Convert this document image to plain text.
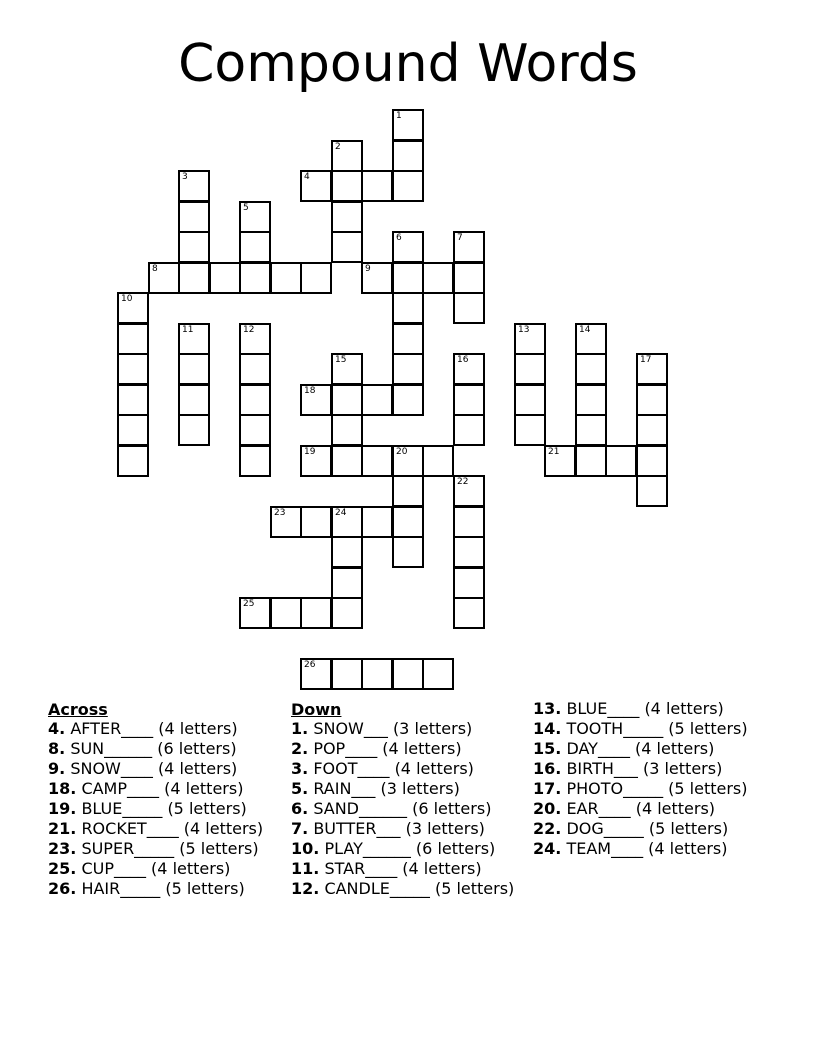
Compound Words
1
2
3	4
5
6	7
8	9
10
11	12	13	14
15	16	17
18
19	20	21
22
23	24
25
26
Across
4. AFTER____ (4 letters)
8. SUN______ (6 letters)
9. SNOW____ (4 letters)
18. CAMP____ (4 letters)
19. BLUE_____ (5 letters)
21. ROCKET____ (4 letters)
23. SUPER_____ (5 letters)
25. CUP____ (4 letters)
26. HAIR_____ (5 letters)
Down
1. SNOW___ (3 letters)
2. POP____ (4 letters)
3. FOOT____ (4 letters)
5. RAIN___ (3 letters)
6. SAND______ (6 letters)
7. BUTTER___ (3 letters)
10. PLAY______ (6 letters)
11. STAR____ (4 letters)
12. CANDLE_____ (5 letters)
13. BLUE____ (4 letters)
14. TOOTH_____ (5 letters)
15. DAY____ (4 letters)
16. BIRTH___ (3 letters)
17. PHOTO_____ (5 letters)
20. EAR____ (4 letters)
22. DOG_____ (5 letters)
24. TEAM____ (4 letters)
